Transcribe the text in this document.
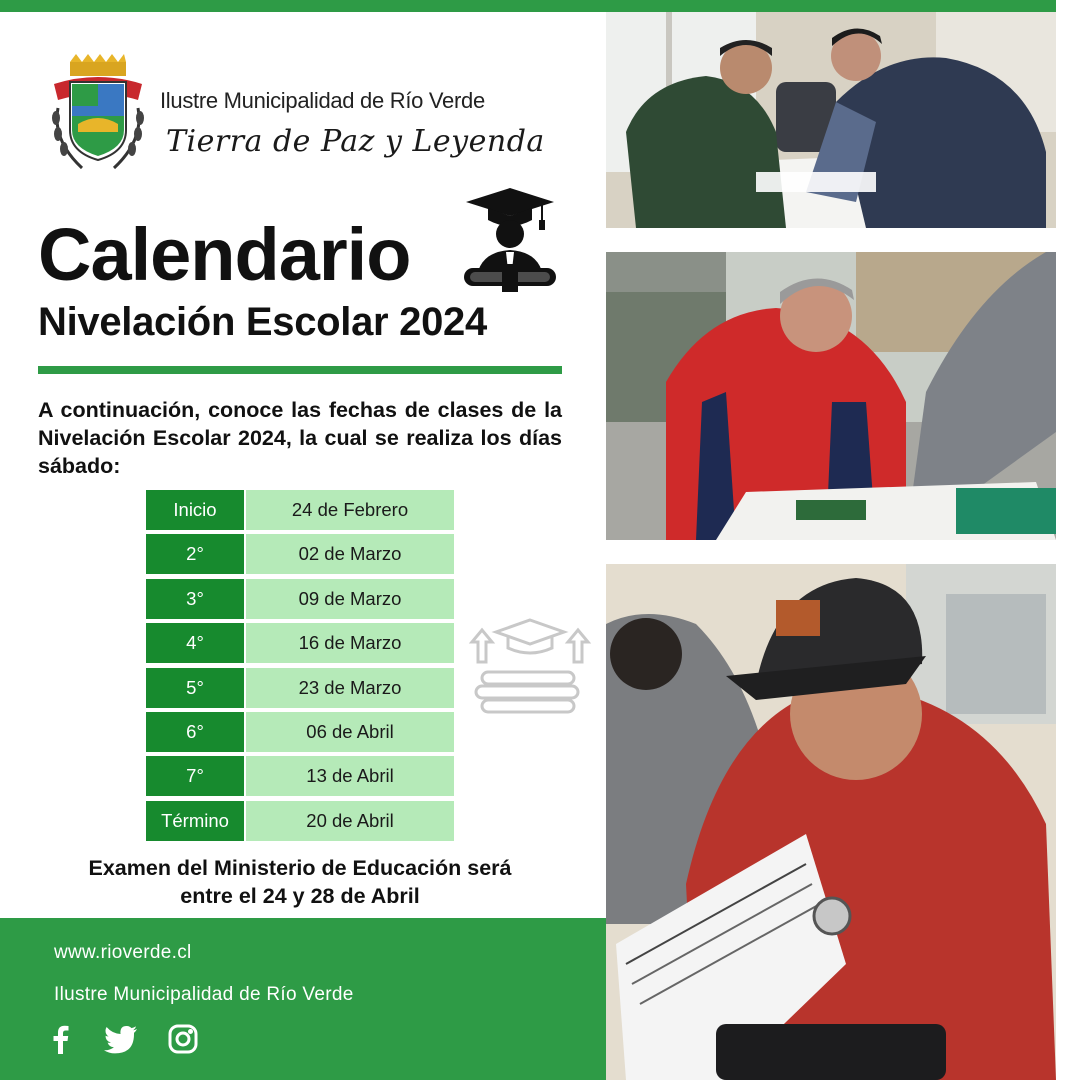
Ilustre Municipalidad de Río Verde
Tierra de Paz y Leyenda
Calendario
Nivelación Escolar 2024

A continuación, conoce las fechas de clases de la Nivelación Escolar 2024, la cual se realiza los días sábado:

Inicio	24 de Febrero
2°	02 de Marzo
3°	09 de Marzo
4°	16 de Marzo
5°	23 de Marzo
6°	06 de Abril
7°	13 de Abril
Término	20 de Abril
Examen del Ministerio de Educación será
entre el 24 y 28 de Abril
www.rioverde.cl
Ilustre Municipalidad de Río Verde
